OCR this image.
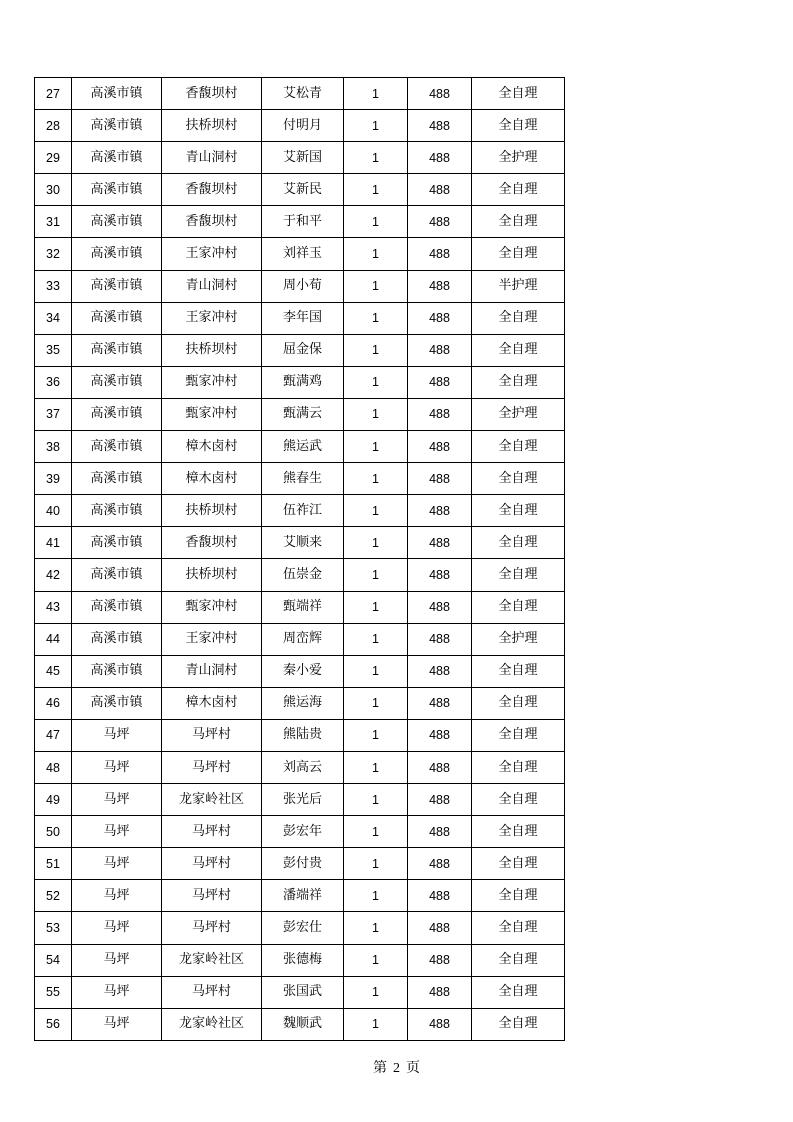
27	高溪市镇	香馥坝村	艾松青	1	488	全自理
28	高溪市镇	扶桥坝村	付明月	1	488	全自理
29	高溪市镇	青山洞村	艾新国	1	488	全护理
30	高溪市镇	香馥坝村	艾新民	1	488	全自理
31	高溪市镇	香馥坝村	于和平	1	488	全自理
32	高溪市镇	王家冲村	刘祥玉	1	488	全自理
33	高溪市镇	青山洞村	周小荀	1	488	半护理
34	高溪市镇	王家冲村	李年国	1	488	全自理
35	高溪市镇	扶桥坝村	屈金保	1	488	全自理
36	高溪市镇	甄家冲村	甄满鸡	1	488	全自理
37	高溪市镇	甄家冲村	甄满云	1	488	全护理
38	高溪市镇	樟木卤村	熊运武	1	488	全自理
39	高溪市镇	樟木卤村	熊春生	1	488	全自理
40	高溪市镇	扶桥坝村	伍祚江	1	488	全自理
41	高溪市镇	香馥坝村	艾顺来	1	488	全自理
42	高溪市镇	扶桥坝村	伍崇金	1	488	全自理
43	高溪市镇	甄家冲村	甄端祥	1	488	全自理
44	高溪市镇	王家冲村	周峦辉	1	488	全护理
45	高溪市镇	青山洞村	秦小爱	1	488	全自理
46	高溪市镇	樟木卤村	熊运海	1	488	全自理
47	马坪	马坪村	熊陆贵	1	488	全自理
48	马坪	马坪村	刘高云	1	488	全自理
49	马坪	龙家岭社区	张光后	1	488	全自理
50	马坪	马坪村	彭宏年	1	488	全自理
51	马坪	马坪村	彭付贵	1	488	全自理
52	马坪	马坪村	潘端祥	1	488	全自理
53	马坪	马坪村	彭宏仕	1	488	全自理
54	马坪	龙家岭社区	张德梅	1	488	全自理
55	马坪	马坪村	张国武	1	488	全自理
56	马坪	龙家岭社区	魏顺武	1	488	全自理
第 2 页
